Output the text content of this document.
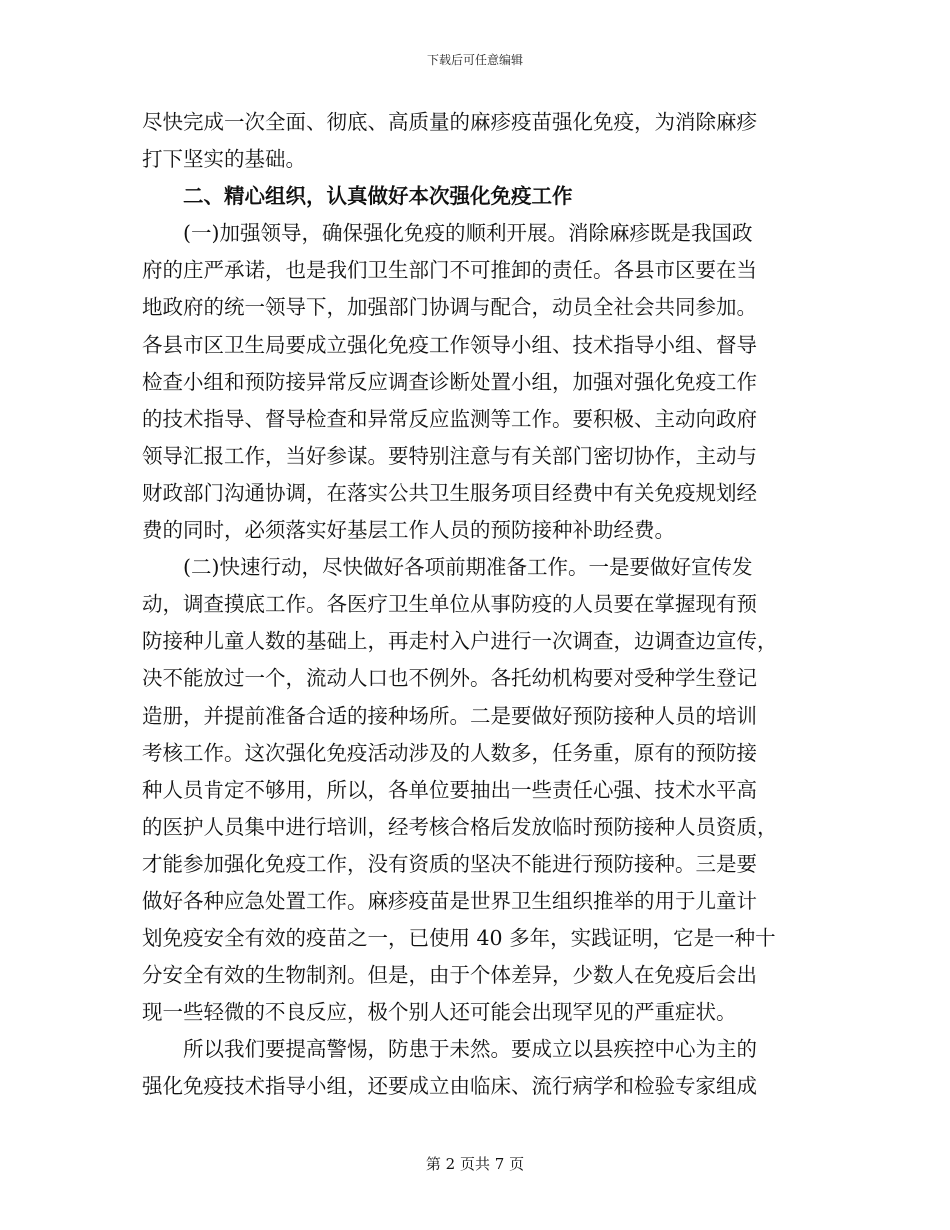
下载后可任意编辑
尽快完成一次全面、彻底、高质量的麻疹疫苗强化免疫，为消除麻疹
打下坚实的基础。
二、精心组织，认真做好本次强化免疫工作
(一)加强领导，确保强化免疫的顺利开展。消除麻疹既是我国政
府的庄严承诺，也是我们卫生部门不可推卸的责任。各县市区要在当
地政府的统一领导下，加强部门协调与配合，动员全社会共同参加。
各县市区卫生局要成立强化免疫工作领导小组、技术指导小组、督导
检查小组和预防接异常反应调查诊断处置小组，加强对强化免疫工作
的技术指导、督导检查和异常反应监测等工作。要积极、主动向政府
领导汇报工作，当好参谋。要特别注意与有关部门密切协作，主动与
财政部门沟通协调，在落实公共卫生服务项目经费中有关免疫规划经
费的同时，必须落实好基层工作人员的预防接种补助经费。
(二)快速行动，尽快做好各项前期准备工作。一是要做好宣传发
动，调查摸底工作。各医疗卫生单位从事防疫的人员要在掌握现有预
防接种儿童人数的基础上，再走村入户进行一次调查，边调查边宣传，
决不能放过一个，流动人口也不例外。各托幼机构要对受种学生登记
造册，并提前准备合适的接种场所。二是要做好预防接种人员的培训
考核工作。这次强化免疫活动涉及的人数多，任务重，原有的预防接
种人员肯定不够用，所以，各单位要抽出一些责任心强、技术水平高
的医护人员集中进行培训，经考核合格后发放临时预防接种人员资质，
才能参加强化免疫工作，没有资质的坚决不能进行预防接种。三是要
做好各种应急处置工作。麻疹疫苗是世界卫生组织推举的用于儿童计
划免疫安全有效的疫苗之一，已使用 40 多年，实践证明，它是一种十
分安全有效的生物制剂。但是，由于个体差异，少数人在免疫后会出
现一些轻微的不良反应，极个别人还可能会出现罕见的严重症状。
所以我们要提高警惕，防患于未然。要成立以县疾控中心为主的
强化免疫技术指导小组，还要成立由临床、流行病学和检验专家组成
第 2 页共 7 页
